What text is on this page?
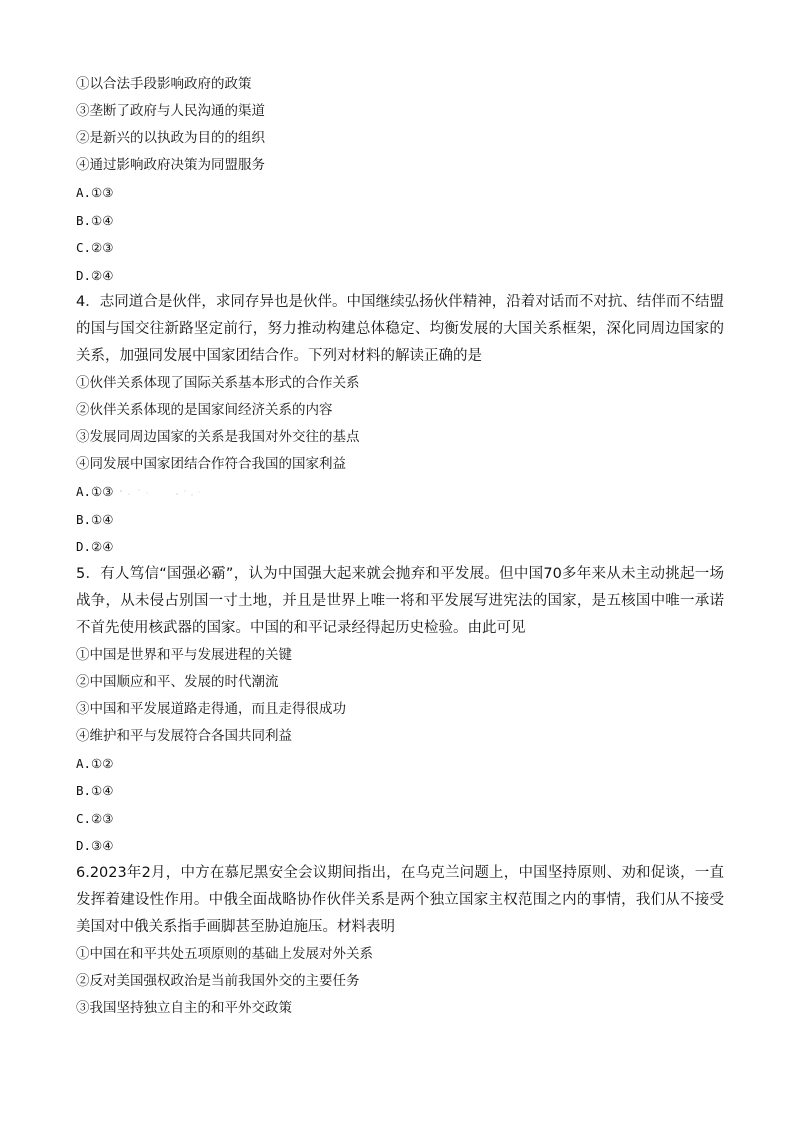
①以合法手段影响政府的政策
③垄断了政府与人民沟通的渠道
②是新兴的以执政为目的的组织
④通过影响政府决策为同盟服务
A.①③
B.①④
C.②③
D.②④
4．志同道合是伙伴，求同存异也是伙伴。中国继续弘扬伙伴精神，沿着对话而不对抗、结伴而不结盟的国与国交往新路坚定前行，努力推动构建总体稳定、均衡发展的大国关系框架，深化同周边国家的关系，加强同发展中国家团结合作。下列对材料的解读正确的是
①伙伴关系体现了国际关系基本形式的合作关系
②伙伴关系体现的是国家间经济关系的内容
③发展同周边国家的关系是我国对外交往的基点
④同发展中国家团结合作符合我国的国家利益
A.①③
B.①④
D.②④
5．有人笃信“国强必霸”，认为中国强大起来就会抛弃和平发展。但中国70多年来从未主动挑起一场战争，从未侵占别国一寸土地，并且是世界上唯一将和平发展写进宪法的国家，是五核国中唯一承诺不首先使用核武器的国家。中国的和平记录经得起历史检验。由此可见
①中国是世界和平与发展进程的关键
②中国顺应和平、发展的时代潮流
③中国和平发展道路走得通，而且走得很成功
④维护和平与发展符合各国共同利益
A.①②
B.①④
C.②③
D.③④
6.2023年2月，中方在慕尼黑安全会议期间指出，在乌克兰问题上，中国坚持原则、劝和促谈，一直发挥着建设性作用。中俄全面战略协作伙伴关系是两个独立国家主权范围之内的事情，我们从不接受美国对中俄关系指手画脚甚至胁迫施压。材料表明
①中国在和平共处五项原则的基础上发展对外关系
②反对美国强权政治是当前我国外交的主要任务
③我国坚持独立自主的和平外交政策
